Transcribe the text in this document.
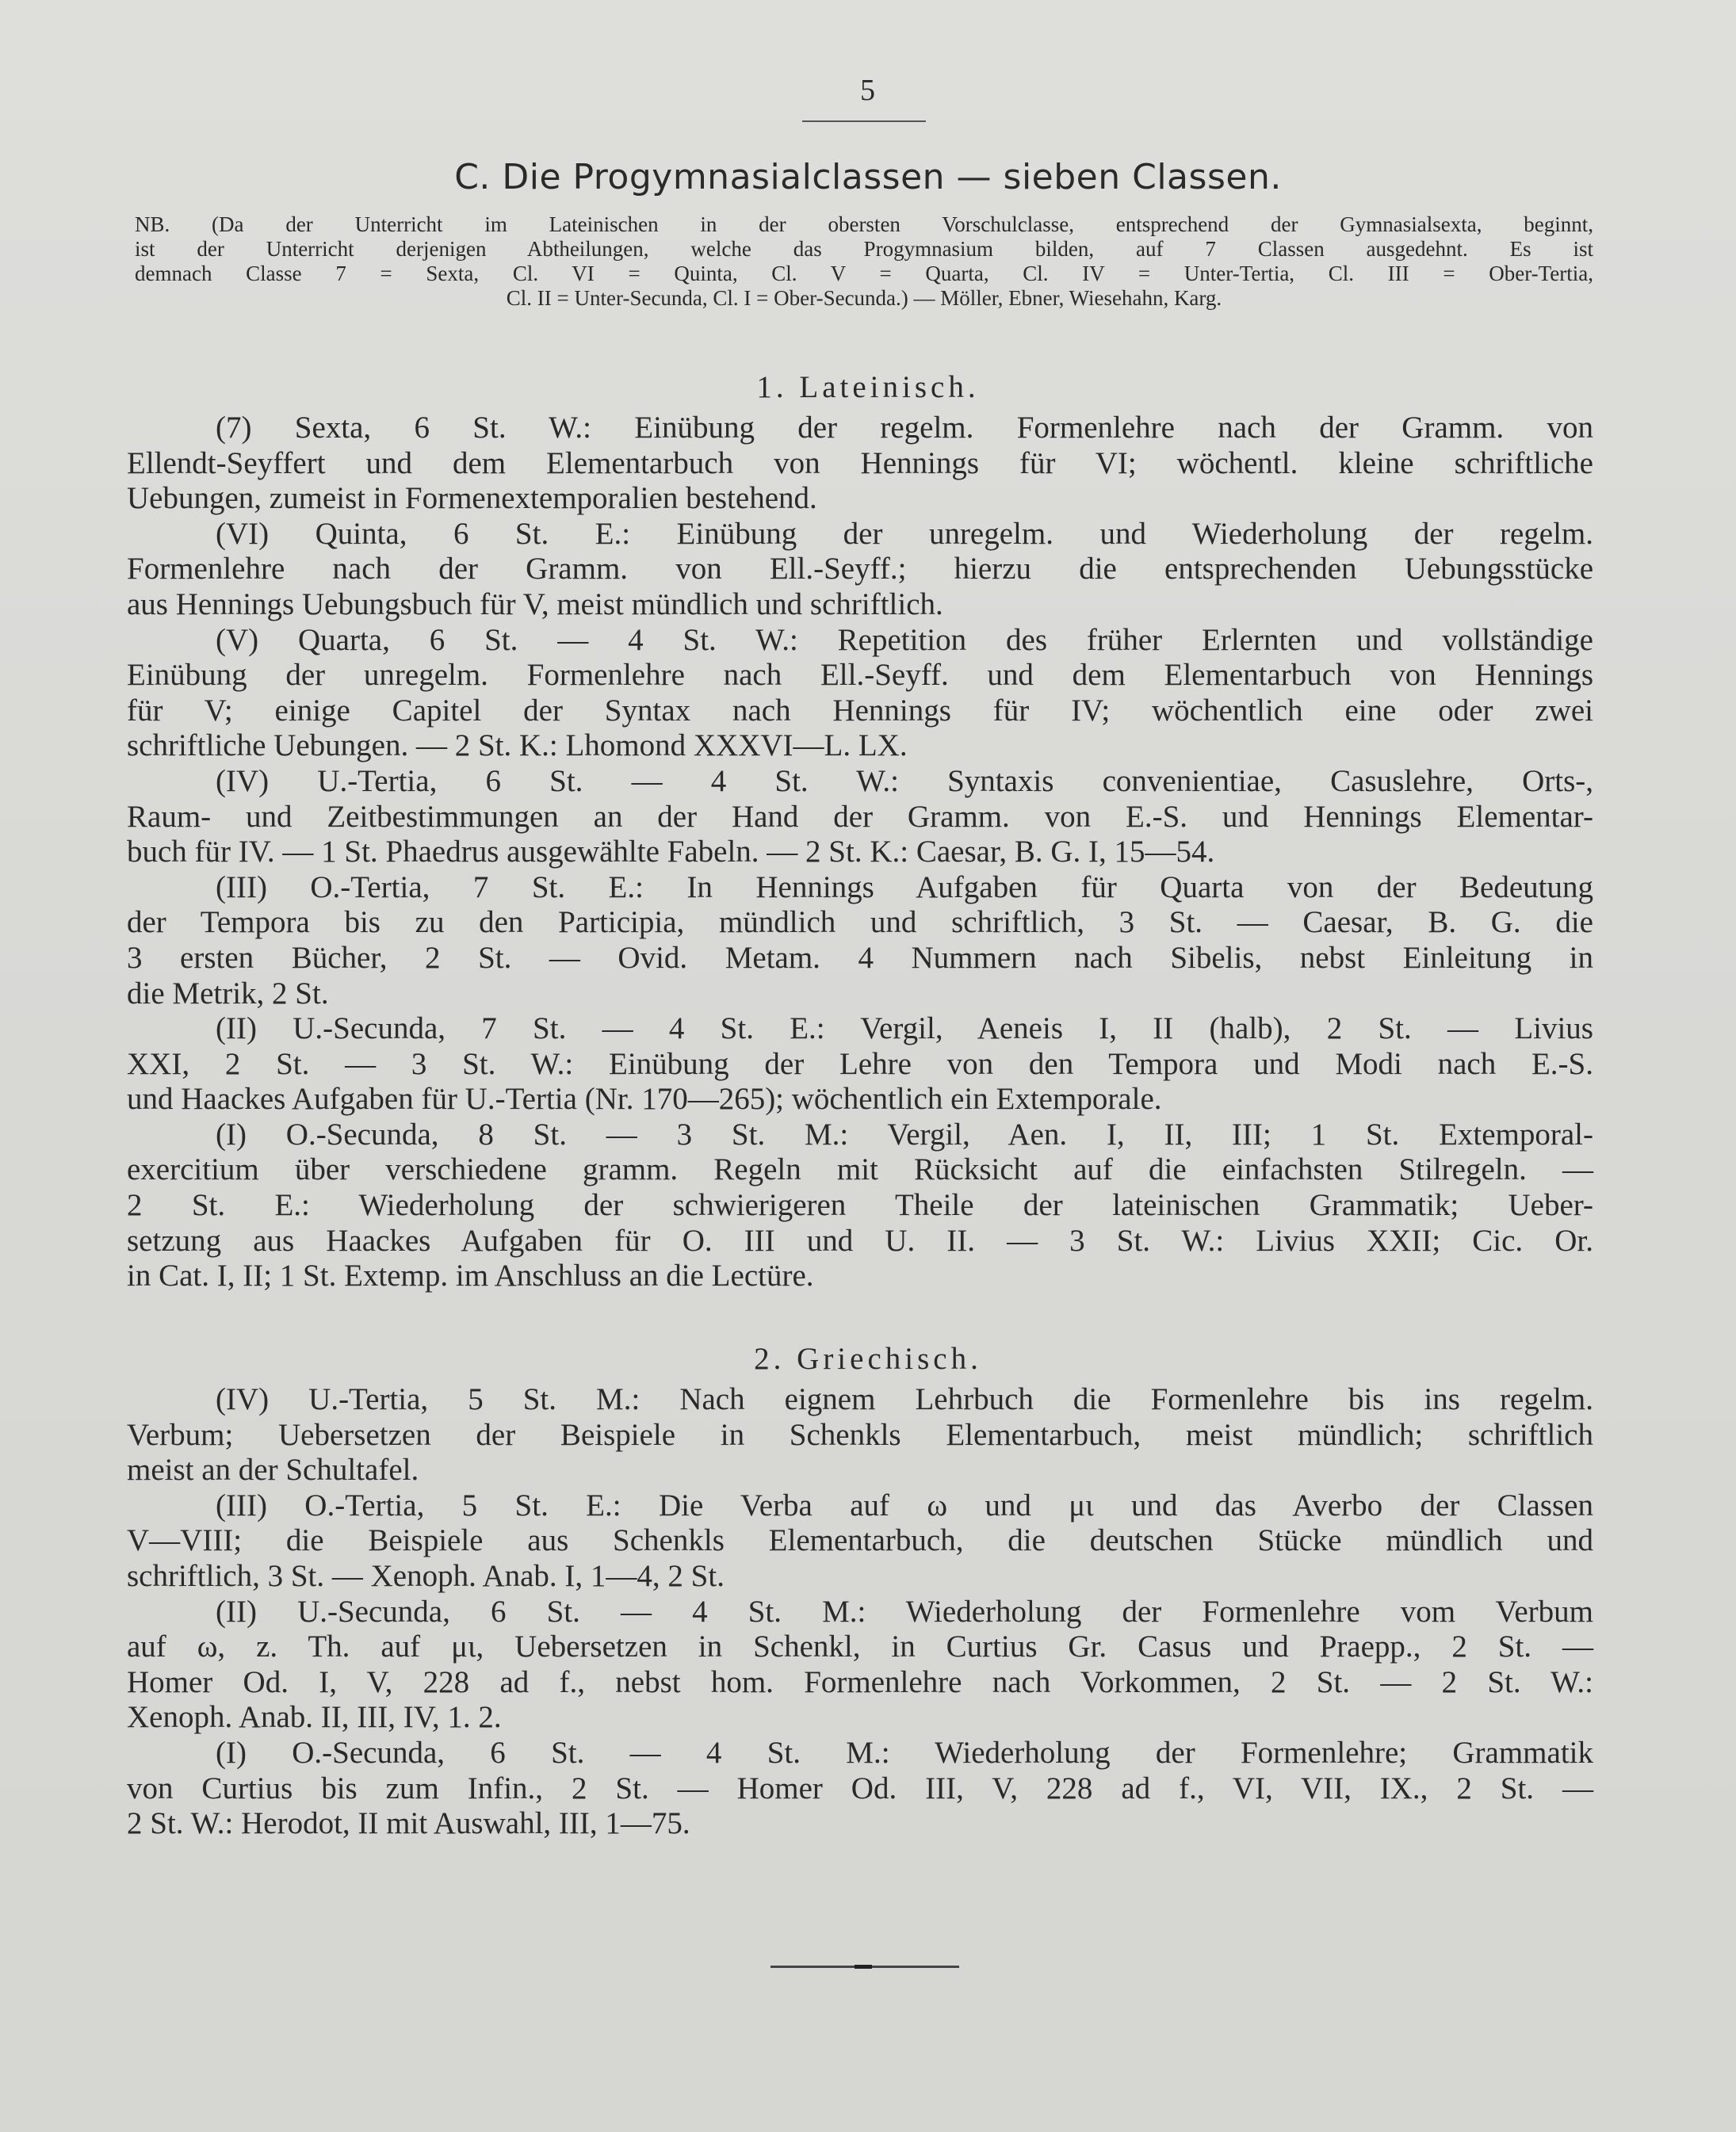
5
C. Die Progymnasialclassen — sieben Classen.
NB. (Da der Unterricht im Lateinischen in der obersten Vorschulclasse, entsprechend der Gymnasialsexta, beginnt,
ist der Unterricht derjenigen Abtheilungen, welche das Progymnasium bilden, auf 7 Classen ausgedehnt. Es ist
demnach Classe 7 = Sexta, Cl. VI = Quinta, Cl. V = Quarta, Cl. IV = Unter-Tertia, Cl. III = Ober-Tertia,
Cl. II = Unter-Secunda, Cl. I = Ober-Secunda.) — Möller, Ebner, Wiesehahn, Karg.
1. Lateinisch.
(7) Sexta, 6 St. W.: Einübung der regelm. Formenlehre nach der Gramm. von
Ellendt-Seyffert und dem Elementarbuch von Hennings für VI; wöchentl. kleine schriftliche
Uebungen, zumeist in Formenextemporalien bestehend.
(VI) Quinta, 6 St. E.: Einübung der unregelm. und Wiederholung der regelm.
Formenlehre nach der Gramm. von Ell.-Seyff.; hierzu die entsprechenden Uebungsstücke
aus Hennings Uebungsbuch für V, meist mündlich und schriftlich.
(V) Quarta, 6 St. — 4 St. W.: Repetition des früher Erlernten und vollständige
Einübung der unregelm. Formenlehre nach Ell.-Seyff. und dem Elementarbuch von Hennings
für V; einige Capitel der Syntax nach Hennings für IV; wöchentlich eine oder zwei
schriftliche Uebungen. — 2 St. K.: Lhomond XXXVI—L. LX.
(IV) U.-Tertia, 6 St. — 4 St. W.: Syntaxis convenientiae, Casuslehre, Orts-,
Raum- und Zeitbestimmungen an der Hand der Gramm. von E.-S. und Hennings Elementar-
buch für IV. — 1 St. Phaedrus ausgewählte Fabeln. — 2 St. K.: Caesar, B. G. I, 15—54.
(III) O.-Tertia, 7 St. E.: In Hennings Aufgaben für Quarta von der Bedeutung
der Tempora bis zu den Participia, mündlich und schriftlich, 3 St. — Caesar, B. G. die
3 ersten Bücher, 2 St. — Ovid. Metam. 4 Nummern nach Sibelis, nebst Einleitung in
die Metrik, 2 St.
(II) U.-Secunda, 7 St. — 4 St. E.: Vergil, Aeneis I, II (halb), 2 St. — Livius
XXI, 2 St. — 3 St. W.: Einübung der Lehre von den Tempora und Modi nach E.-S.
und Haackes Aufgaben für U.-Tertia (Nr. 170—265); wöchentlich ein Extemporale.
(I) O.-Secunda, 8 St. — 3 St. M.: Vergil, Aen. I, II, III; 1 St. Extemporal-
exercitium über verschiedene gramm. Regeln mit Rücksicht auf die einfachsten Stilregeln. —
2 St. E.: Wiederholung der schwierigeren Theile der lateinischen Grammatik; Ueber-
setzung aus Haackes Aufgaben für O. III und U. II. — 3 St. W.: Livius XXII; Cic. Or.
in Cat. I, II; 1 St. Extemp. im Anschluss an die Lectüre.
2. Griechisch.
(IV) U.-Tertia, 5 St. M.: Nach eignem Lehrbuch die Formenlehre bis ins regelm.
Verbum; Uebersetzen der Beispiele in Schenkls Elementarbuch, meist mündlich; schriftlich
meist an der Schultafel.
(III) O.-Tertia, 5 St. E.: Die Verba auf ω und μι und das Averbo der Classen
V—VIII; die Beispiele aus Schenkls Elementarbuch, die deutschen Stücke mündlich und
schriftlich, 3 St. — Xenoph. Anab. I, 1—4, 2 St.
(II) U.-Secunda, 6 St. — 4 St. M.: Wiederholung der Formenlehre vom Verbum
auf ω, z. Th. auf μι, Uebersetzen in Schenkl, in Curtius Gr. Casus und Praepp., 2 St. —
Homer Od. I, V, 228 ad f., nebst hom. Formenlehre nach Vorkommen, 2 St. — 2 St. W.:
Xenoph. Anab. II, III, IV, 1. 2.
(I) O.-Secunda, 6 St. — 4 St. M.: Wiederholung der Formenlehre; Grammatik
von Curtius bis zum Infin., 2 St. — Homer Od. III, V, 228 ad f., VI, VII, IX., 2 St. —
2 St. W.: Herodot, II mit Auswahl, III, 1—75.
